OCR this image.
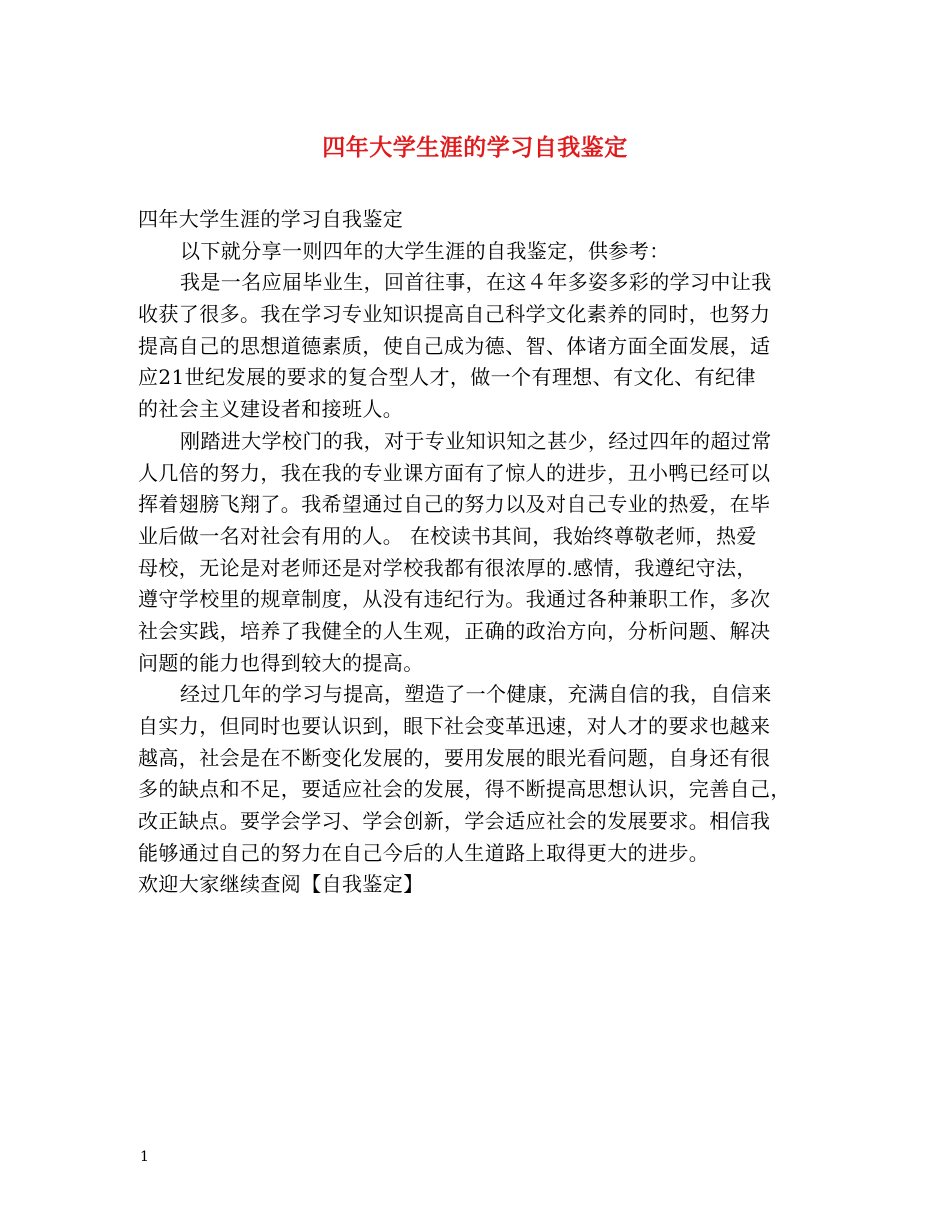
四年大学生涯的学习自我鉴定
四年大学生涯的学习自我鉴定
以下就分享一则四年的大学生涯的自我鉴定，供参考：
我是一名应届毕业生，回首往事，在这４年多姿多彩的学习中让我
收获了很多。我在学习专业知识提高自己科学文化素养的同时，也努力
提高自己的思想道德素质，使自己成为德、智、体诸方面全面发展，适
应21世纪发展的要求的复合型人才，做一个有理想、有文化、有纪律
的社会主义建设者和接班人。
刚踏进大学校门的我，对于专业知识知之甚少，经过四年的超过常
人几倍的努力，我在我的专业课方面有了惊人的进步，丑小鸭已经可以
挥着翅膀飞翔了。我希望通过自己的努力以及对自己专业的热爱，在毕
业后做一名对社会有用的人。 在校读书其间，我始终尊敬老师，热爱
母校，无论是对老师还是对学校我都有很浓厚的.感情，我遵纪守法，
遵守学校里的规章制度，从没有违纪行为。我通过各种兼职工作，多次
社会实践，培养了我健全的人生观，正确的政治方向，分析问题、解决
问题的能力也得到较大的提高。
经过几年的学习与提高，塑造了一个健康，充满自信的我，自信来
自实力，但同时也要认识到，眼下社会变革迅速，对人才的要求也越来
越高，社会是在不断变化发展的，要用发展的眼光看问题，自身还有很
多的缺点和不足，要适应社会的发展，得不断提高思想认识，完善自己，
改正缺点。要学会学习、学会创新，学会适应社会的发展要求。相信我
能够通过自己的努力在自己今后的人生道路上取得更大的进步。
欢迎大家继续查阅【自我鉴定】
1
